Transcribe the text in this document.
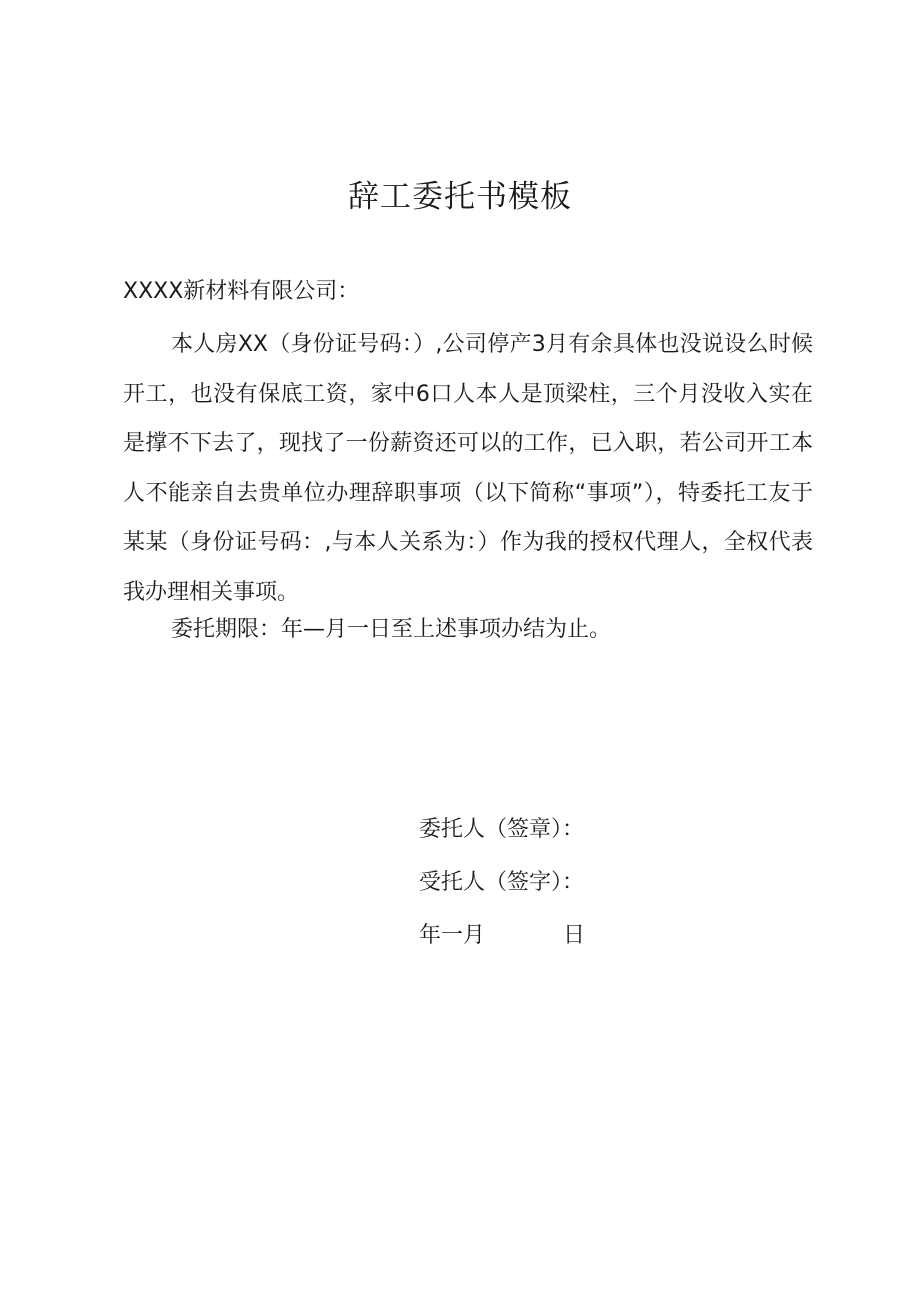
辞工委托书模板
XXXX新材料有限公司：

本人房XX（身份证号码：）,公司停产3月有余具体也没说设么时候开工，也没有保底工资，家中6口人本人是顶梁柱，三个月没收入实在是撑不下去了，现找了一份薪资还可以的工作，已入职，若公司开工本人不能亲自去贵单位办理辞职事项（以下简称“事项”），特委托工友于某某（身份证号码：,与本人关系为：）作为我的授权代理人，全权代表我办理相关事项。

委托期限：年—月一日至上述事项办结为止。

委托人（签章）：
受托人（签字）：
年一月	日
